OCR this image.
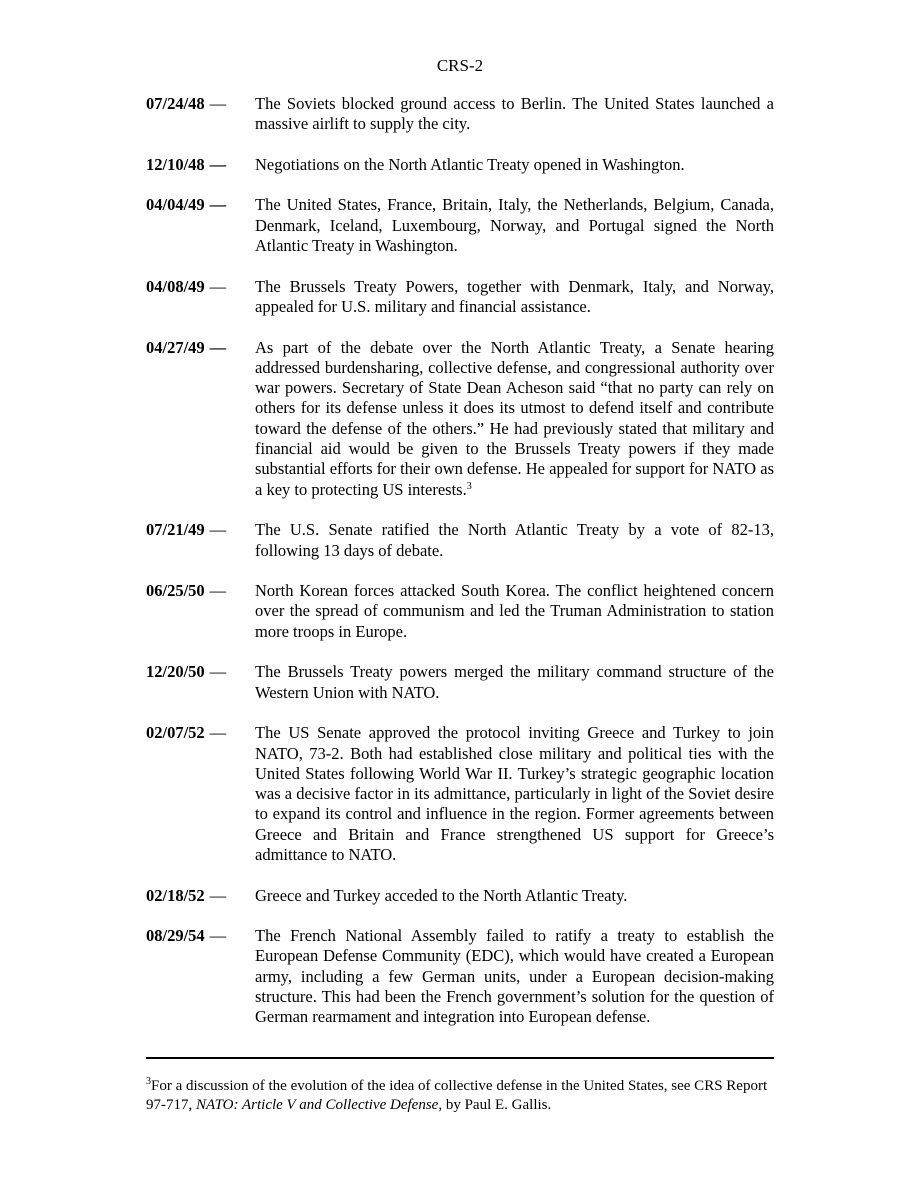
CRS-2
07/24/48 —	The Soviets blocked ground access to Berlin. The United States launched a massive airlift to supply the city.
12/10/48 —	Negotiations on the North Atlantic Treaty opened in Washington.
04/04/49 —	The United States, France, Britain, Italy, the Netherlands, Belgium, Canada, Denmark, Iceland, Luxembourg, Norway, and Portugal signed the North Atlantic Treaty in Washington.
04/08/49 —	The Brussels Treaty Powers, together with Denmark, Italy, and Norway, appealed for U.S. military and financial assistance.
04/27/49 —	As part of the debate over the North Atlantic Treaty, a Senate hearing addressed burdensharing, collective defense, and congressional authority over war powers. Secretary of State Dean Acheson said “that no party can rely on others for its defense unless it does its utmost to defend itself and contribute toward the defense of the others.” He had previously stated that military and financial aid would be given to the Brussels Treaty powers if they made substantial efforts for their own defense. He appealed for support for NATO as a key to protecting US interests.$^3$
07/21/49 —	The U.S. Senate ratified the North Atlantic Treaty by a vote of 82-13, following 13 days of debate.
06/25/50 —	North Korean forces attacked South Korea. The conflict heightened concern over the spread of communism and led the Truman Administration to station more troops in Europe.
12/20/50 —	The Brussels Treaty powers merged the military command structure of the Western Union with NATO.
02/07/52 —	The US Senate approved the protocol inviting Greece and Turkey to join NATO, 73-2. Both had established close military and political ties with the United States following World War II. Turkey’s strategic geographic location was a decisive factor in its admittance, particularly in light of the Soviet desire to expand its control and influence in the region. Former agreements between Greece and Britain and France strengthened US support for Greece’s admittance to NATO.
02/18/52 —	Greece and Turkey acceded to the North Atlantic Treaty.
08/29/54 —	The French National Assembly failed to ratify a treaty to establish the European Defense Community (EDC), which would have created a European army, including a few German units, under a European decision-making structure. This had been the French government’s solution for the question of German rearmament and integration into European defense.
$^3$For a discussion of the evolution of the idea of collective defense in the United States, see CRS Report 97-717, NATO: Article V and Collective Defense, by Paul E. Gallis.
